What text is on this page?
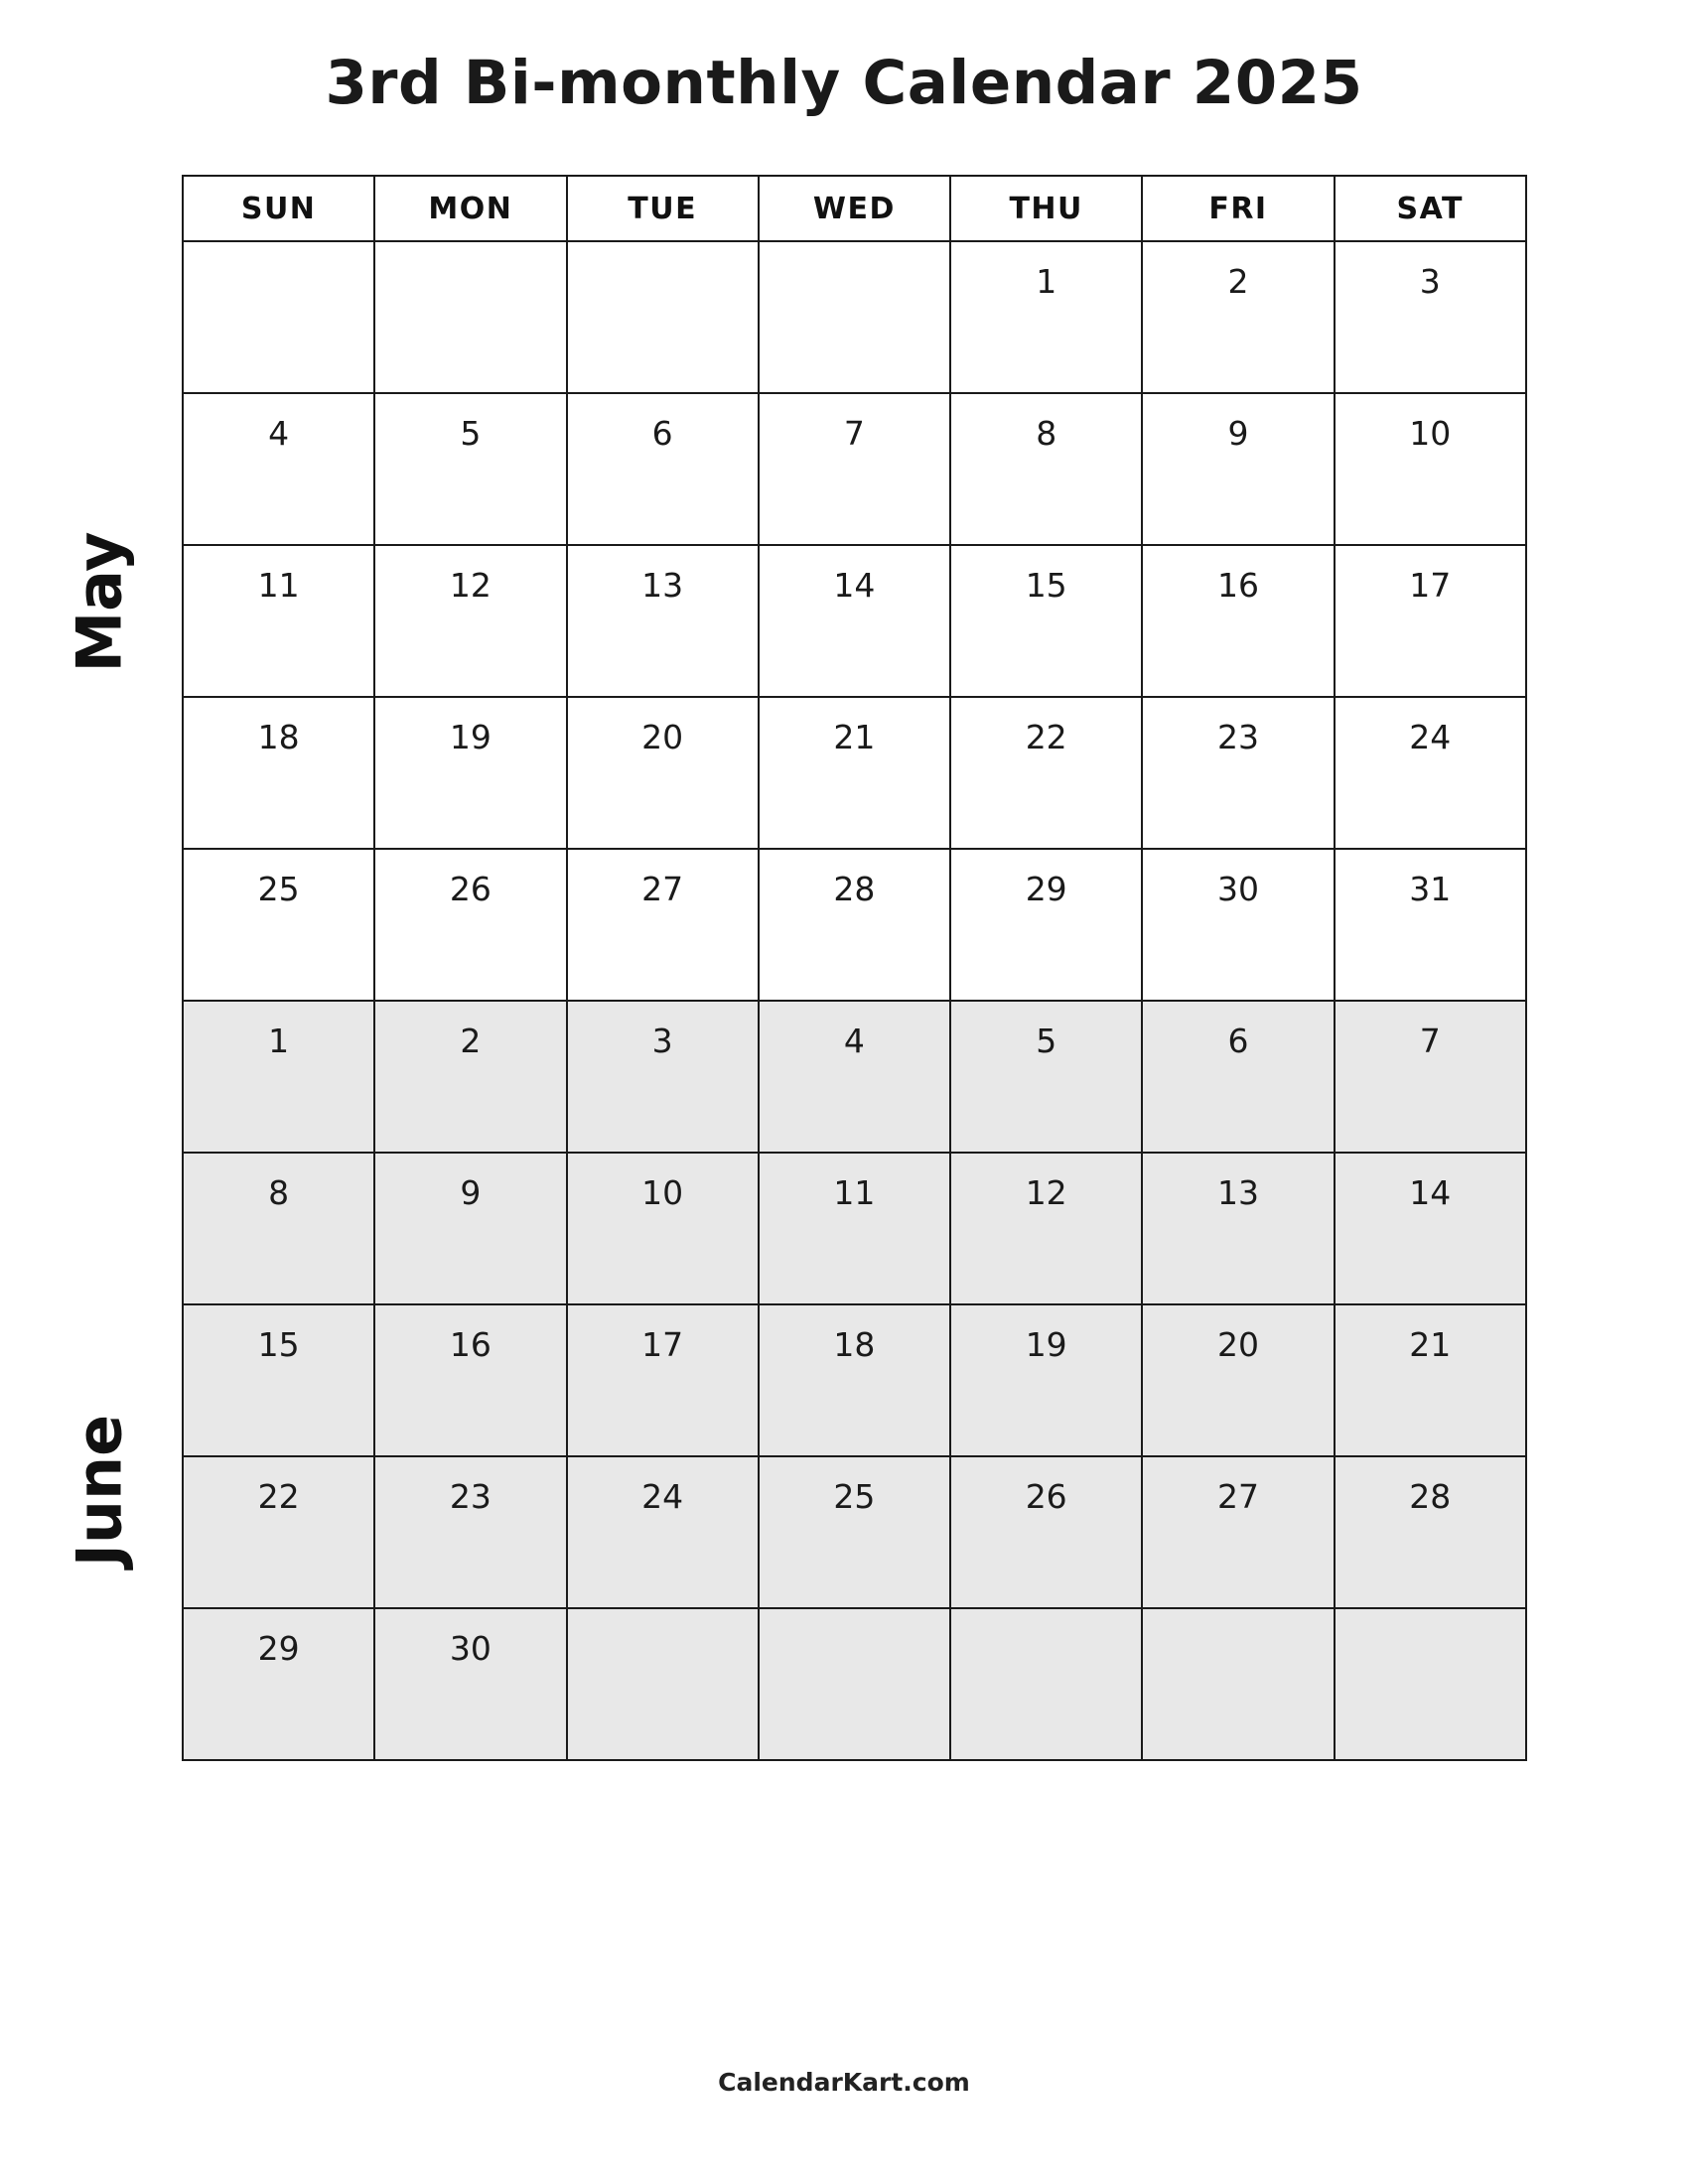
3rd Bi-monthly Calendar 2025
May
June
SUN	MON	TUE	WED	THU	FRI	SAT

				1	2	3

4	5	6	7	8	9	10

11	12	13	14	15	16	17

18	19	20	21	22	23	24

25	26	27	28	29	30	31

1	2	3	4	5	6	7

8	9	10	11	12	13	14

15	16	17	18	19	20	21

22	23	24	25	26	27	28

29	30					

CalendarKart.com
